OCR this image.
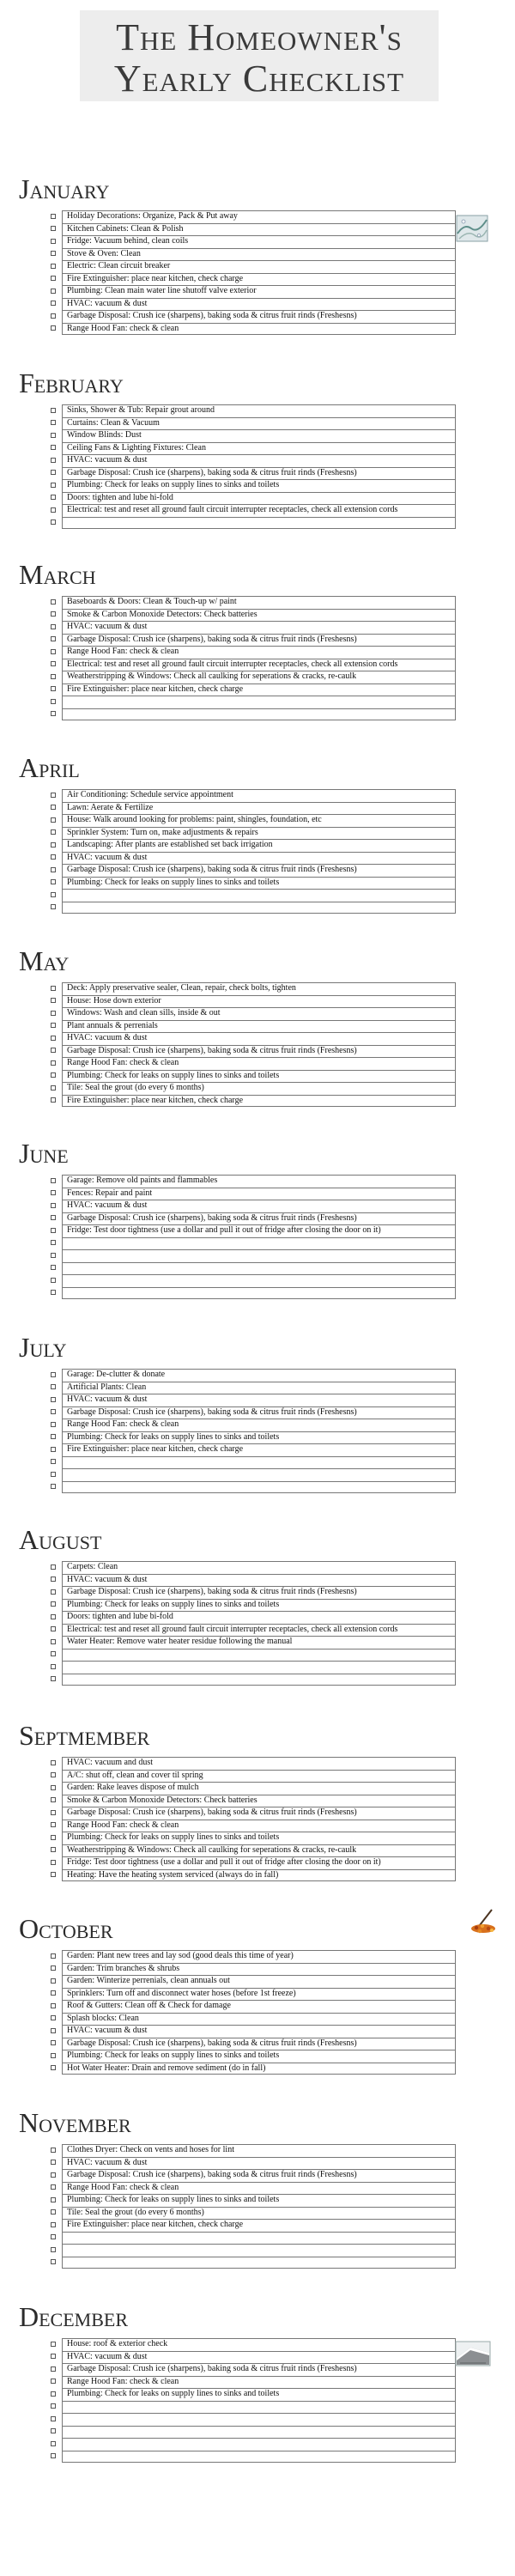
The Homeowner's
Yearly Checklist
January
Holiday Decorations: Organize, Pack & Put away
Kitchen Cabinets: Clean & Polish
Fridge: Vacuum behind, clean coils
Stove & Oven: Clean
Electric: Clean circuit breaker
Fire Extinguisher: place near kitchen, check charge
Plumbing: Clean main water line shutoff valve exterior
HVAC: vacuum & dust
Garbage Disposal: Crush ice (sharpens), baking soda & citrus fruit rinds (Freshesns)
Range Hood Fan: check & clean
February
Sinks, Shower & Tub: Repair grout around
Curtains: Clean & Vacuum
Window Blinds: Dust
Ceiling Fans & Lighting Fixtures: Clean
HVAC: vacuum & dust
Garbage Disposal: Crush ice (sharpens), baking soda & citrus fruit rinds (Freshesns)
Plumbing: Check for leaks on supply lines to sinks and toilets
Doors: tighten and lube hi-fold
Electrical: test and reset all ground fault circuit interrupter receptacles, check all extension cords
March
Baseboards & Doors: Clean & Touch-up w/ paint
Smoke & Carbon Monoxide Detectors: Check batteries
HVAC: vacuum & dust
Garbage Disposal: Crush ice (sharpens), baking soda & citrus fruit rinds (Freshesns)
Range Hood Fan: check & clean
Electrical: test and reset all ground fault circuit interrupter receptacles, check all extension cords
Weatherstripping & Windows: Check all caulking for seperations & cracks, re-caulk
Fire Extinguisher: place near kitchen, check charge
April
Air Conditioning: Schedule service appointment
Lawn: Aerate & Fertilize
House: Walk around looking for problems: paint, shingles, foundation, etc
Sprinkler System: Turn on, make adjustments & repairs
Landscaping: After plants are established set back irrigation
HVAC: vacuum & dust
Garbage Disposal: Crush ice (sharpens), baking soda & citrus fruit rinds (Freshesns)
Plumbing: Check for leaks on supply lines to sinks and toilets
May
Deck: Apply preservative sealer, Clean, repair, check bolts, tighten
House: Hose down exterior
Windows: Wash and clean sills, inside & out
Plant annuals & perrenials
HVAC: vacuum & dust
Garbage Disposal: Crush ice (sharpens), baking soda & citrus fruit rinds (Freshesns)
Range Hood Fan: check & clean
Plumbing: Check for leaks on supply lines to sinks and toilets
Tile: Seal the grout (do every 6 months)
Fire Extinguisher: place near kitchen, check charge
June
Garage: Remove old paints and flammables
Fences: Repair and paint
HVAC: vacuum & dust
Garbage Disposal: Crush ice (sharpens), baking soda & citrus fruit rinds (Freshesns)
Fridge: Test door tightness (use a dollar and pull it out of fridge after closing the door on it)
July
Garage: De-clutter & donate
Artificial Plants: Clean
HVAC: vacuum & dust
Garbage Disposal: Crush ice (sharpens), baking soda & citrus fruit rinds (Freshesns)
Range Hood Fan: check & clean
Plumbing: Check for leaks on supply lines to sinks and toilets
Fire Extinguisher: place near kitchen, check charge
August
Carpets: Clean
HVAC: vacuum & dust
Garbage Disposal: Crush ice (sharpens), baking soda & citrus fruit rinds (Freshesns)
Plumbing: Check for leaks on supply lines to sinks and toilets
Doors: tighten and lube bi-fold
Electrical: test and reset all ground fault circuit interrupter receptacles, check all extension cords
Water Heater: Remove water heater residue following the manual
Septmember
HVAC: vacuum and dust
A/C: shut off, clean and cover til spring
Garden: Rake leaves dispose of mulch
Smoke & Carbon Monoxide Detectors: Check batteries
Garbage Disposal: Crush ice (sharpens), baking soda & citrus fruit rinds (Freshesns)
Range Hood Fan: check & clean
Plumbing: Check for leaks on supply lines to sinks and toilets
Weatherstripping & Windows: Check all caulking for seperations & cracks, re-caulk
Fridge: Test door tightness (use a dollar and pull it out of fridge after closing the door on it)
Heating: Have the heating system serviced (always do in fall)
October
Garden: Plant new trees and lay sod (good deals this time of year)
Garden: Trim branches & shrubs
Garden: Winterize perrenials, clean annuals out
Sprinklers: Turn off and disconnect water hoses (before 1st freeze)
Roof & Gutters: Clean off & Check for damage
Splash blocks: Clean
HVAC: vacuum & dust
Garbage Disposal: Crush ice (sharpens), baking soda & citrus fruit rinds (Freshesns)
Plumbing: Check for leaks on supply lines to sinks and toilets
Hot Water Heater: Drain and remove sediment (do in fall)
November
Clothes Dryer: Check on vents and hoses for lint
HVAC: vacuum & dust
Garbage Disposal: Crush ice (sharpens), baking soda & citrus fruit rinds (Freshesns)
Range Hood Fan: check & clean
Plumbing: Check for leaks on supply lines to sinks and toilets
Tile: Seal the grout (do every 6 months)
Fire Extinguisher: place near kitchen, check charge
December
House: roof & exterior check
HVAC: vacuum & dust
Garbage Disposal: Crush ice (sharpens), baking soda & citrus fruit rinds (Freshesns)
Range Hood Fan: check & clean
Plumbing: Check for leaks on supply lines to sinks and toilets
